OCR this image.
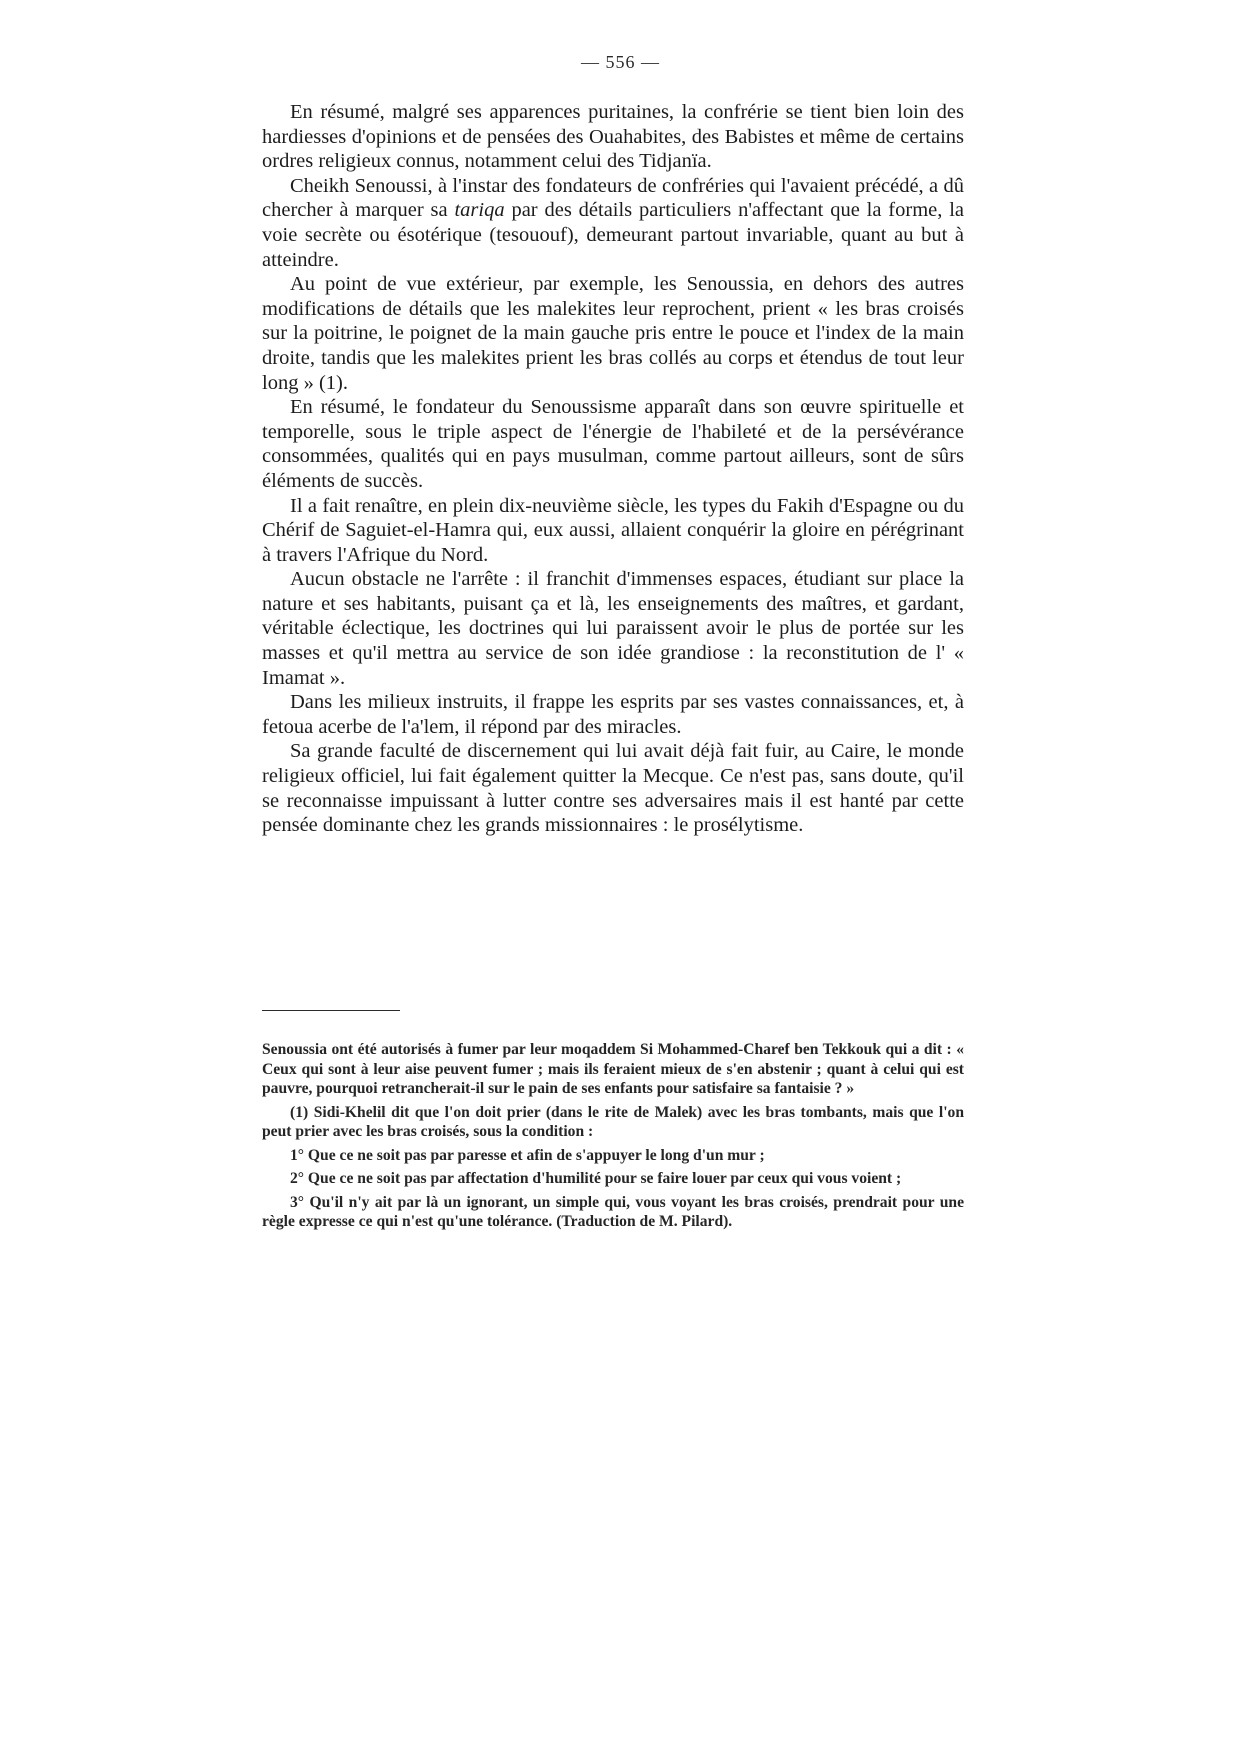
— 556 —

En résumé, malgré ses apparences puritaines, la confrérie se tient bien loin des hardiesses d'opinions et de pensées des Ouahabites, des Babistes et même de certains ordres religieux connus, notamment celui des Tidjanïa.

Cheikh Senoussi, à l'instar des fondateurs de confréries qui l'avaient précédé, a dû chercher à marquer sa tariqa par des détails particuliers n'affectant que la forme, la voie secrète ou ésotérique (tesououf), demeurant partout invariable, quant au but à atteindre.

Au point de vue extérieur, par exemple, les Senoussia, en dehors des autres modifications de détails que les malekites leur reprochent, prient « les bras croisés sur la poitrine, le poignet de la main gauche pris entre le pouce et l'index de la main droite, tandis que les malekites prient les bras collés au corps et étendus de tout leur long » (1).

En résumé, le fondateur du Senoussisme apparaît dans son œuvre spirituelle et temporelle, sous le triple aspect de l'énergie de l'habileté et de la persévérance consommées, qualités qui en pays musulman, comme partout ailleurs, sont de sûrs éléments de succès.

Il a fait renaître, en plein dix-neuvième siècle, les types du Fakih d'Espagne ou du Chérif de Saguiet-el-Hamra qui, eux aussi, allaient conquérir la gloire en pérégrinant à travers l'Afrique du Nord.

Aucun obstacle ne l'arrête : il franchit d'immenses espaces, étudiant sur place la nature et ses habitants, puisant ça et là, les enseignements des maîtres, et gardant, véritable éclectique, les doctrines qui lui paraissent avoir le plus de portée sur les masses et qu'il mettra au service de son idée grandiose : la reconstitution de l' « Imamat ».

Dans les milieux instruits, il frappe les esprits par ses vastes connaissances, et, à fetoua acerbe de l'a'lem, il répond par des miracles.

Sa grande faculté de discernement qui lui avait déjà fait fuir, au Caire, le monde religieux officiel, lui fait également quitter la Mecque. Ce n'est pas, sans doute, qu'il se reconnaisse impuissant à lutter contre ses adversaires mais il est hanté par cette pensée dominante chez les grands missionnaires : le prosélytisme.

Senoussia ont été autorisés à fumer par leur moqaddem Si Mohammed-Charef ben Tekkouk qui a dit : « Ceux qui sont à leur aise peuvent fumer ; mais ils feraient mieux de s'en abstenir ; quant à celui qui est pauvre, pourquoi retrancherait-il sur le pain de ses enfants pour satisfaire sa fantaisie ? »

(1) Sidi-Khelil dit que l'on doit prier (dans le rite de Malek) avec les bras tombants, mais que l'on peut prier avec les bras croisés, sous la condition :

1° Que ce ne soit pas par paresse et afin de s'appuyer le long d'un mur ;

2° Que ce ne soit pas par affectation d'humilité pour se faire louer par ceux qui vous voient ;

3° Qu'il n'y ait par là un ignorant, un simple qui, vous voyant les bras croisés, prendrait pour une règle expresse ce qui n'est qu'une tolérance. (Traduction de M. Pilard).
